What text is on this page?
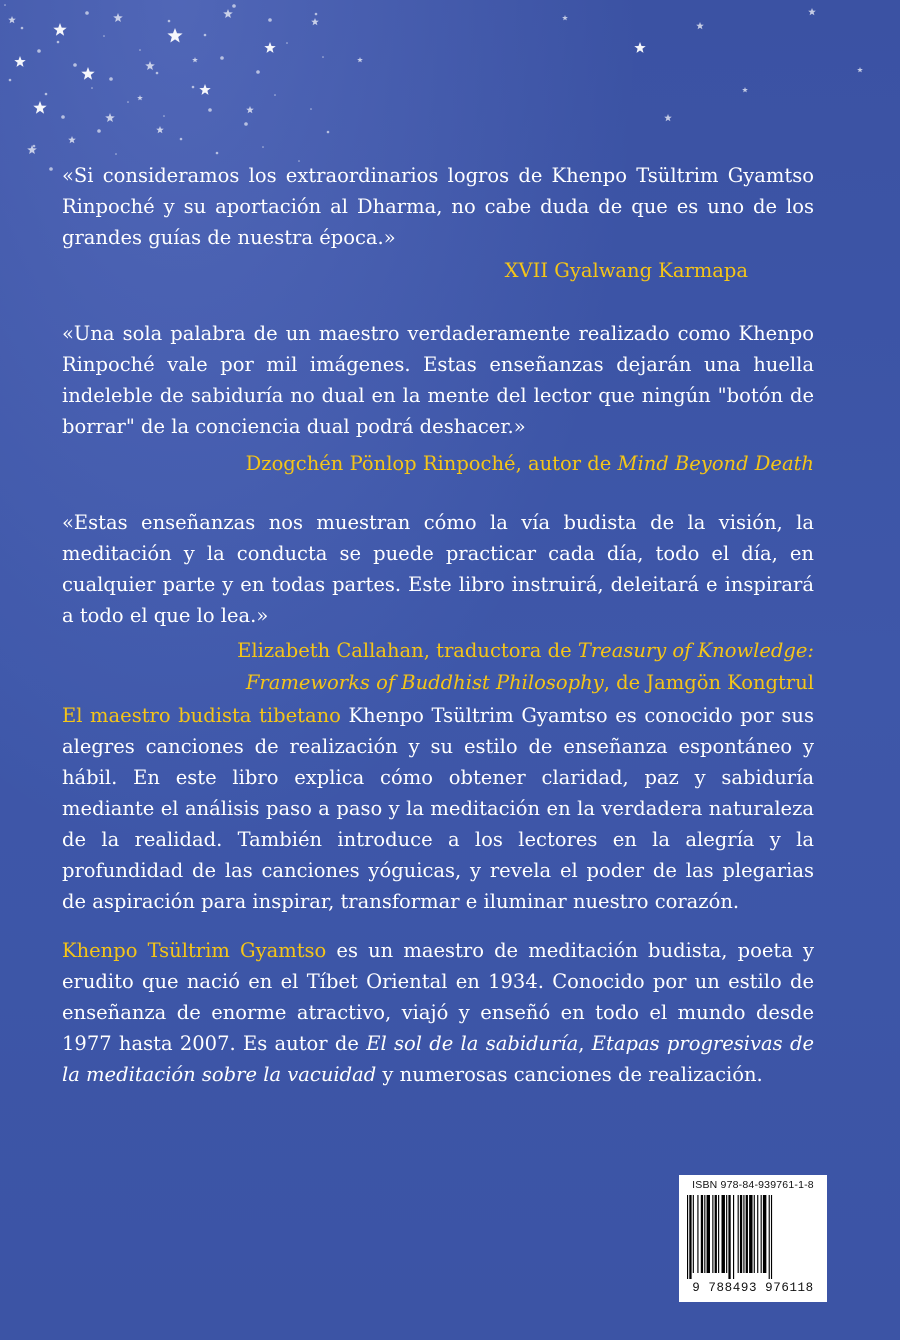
«Si consideramos los extraordinarios logros de Khenpo Tsültrim Gyamtso Rinpoché y su aportación al Dharma, no cabe duda de que es uno de los grandes guías de nuestra época.»

XVII Gyalwang Karmapa

«Una sola palabra de un maestro verdaderamente realizado como Khenpo Rinpoché vale por mil imágenes. Estas enseñanzas dejarán una huella indeleble de sabiduría no dual en la mente del lector que ningún "botón de borrar" de la conciencia dual podrá deshacer.»

Dzogchén Pönlop Rinpoché, autor de Mind Beyond Death

«Estas enseñanzas nos muestran cómo la vía budista de la visión, la meditación y la conducta se puede practicar cada día, todo el día, en cualquier parte y en todas partes. Este libro instruirá, deleitará e inspirará a todo el que lo lea.»

Elizabeth Callahan, traductora de Treasury of Knowledge:
Frameworks of Buddhist Philosophy, de Jamgön Kongtrul

El maestro budista tibetano Khenpo Tsültrim Gyamtso es conocido por sus alegres canciones de realización y su estilo de enseñanza espontáneo y hábil. En este libro explica cómo obtener claridad, paz y sabiduría mediante el análisis paso a paso y la meditación en la verdadera naturaleza de la realidad. También introduce a los lectores en la alegría y la profundidad de las canciones yóguicas, y revela el poder de las plegarias de aspiración para inspirar, transformar e iluminar nuestro corazón.

Khenpo Tsültrim Gyamtso es un maestro de meditación budista, poeta y erudito que nació en el Tíbet Oriental en 1934. Conocido por un estilo de enseñanza de enorme atractivo, viajó y enseñó en todo el mundo desde 1977 hasta 2007. Es autor de El sol de la sabiduría, Etapas progresivas de la meditación sobre la vacuidad y numerosas canciones de realización.

ISBN 978-84-939761-1-8
9 788493 976118
